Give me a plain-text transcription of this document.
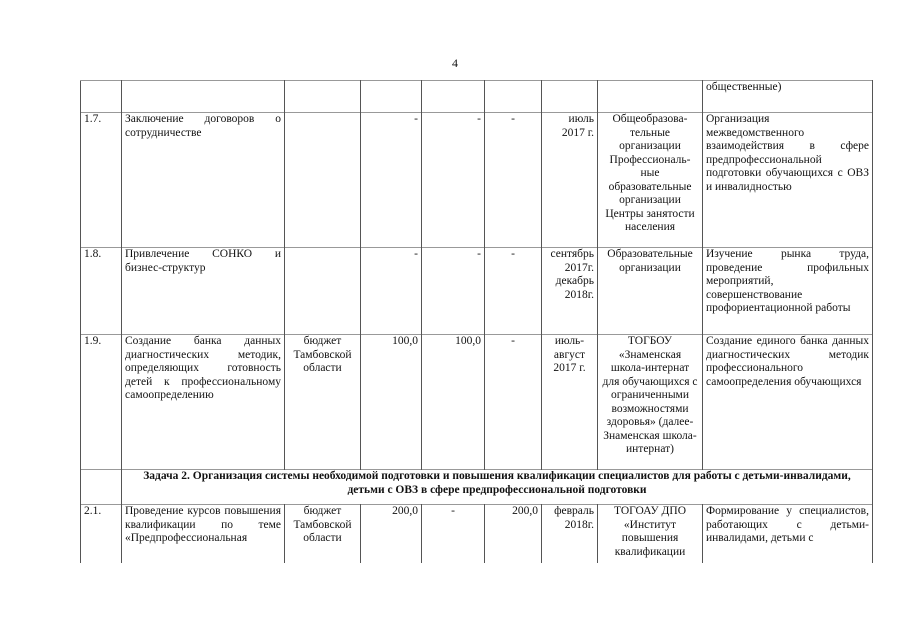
4
								общественные)
1.7.	Заключение договоров о сотрудничестве		-	-	-	июль 2017 г.	Общеобразова-тельные организации Профессиональ-ные образовательные организации Центры занятости населения	Организация межведомственного взаимодействия в сфере предпрофессиональной подготовки обучающихся с ОВЗ и инвалидностью
1.8.	Привлечение СОНКО и бизнес-структур		-	-	-	сентябрь 2017г. декабрь 2018г.	Образовательные организации	Изучение рынка труда, проведение профильных мероприятий, совершенствование профориентационной работы
1.9.	Создание банка данных диагностических методик, определяющих готовность детей к профессиональному самоопределению	бюджет Тамбовской области	100,0	100,0	-	июль-август 2017 г.	ТОГБОУ «Знаменская школа-интернат для обучающихся с ограниченными возможностями здоровья» (далее-Знаменская школа-интернат)	Создание единого банка данных диагностических методик профессионального самоопределения обучающихся
	Задача 2. Организация системы необходимой подготовки и повышения квалификации специалистов для работы с детьми-инвалидами, детьми с ОВЗ в сфере предпрофессиональной подготовки							
2.1.	Проведение курсов повышения квалификации по теме «Предпрофессиональная	бюджет Тамбовской области	200,0	-	200,0	февраль 2018г.	ТОГОАУ ДПО «Институт повышения квалификации	Формирование у специалистов, работающих с детьми-инвалидами, детьми с
